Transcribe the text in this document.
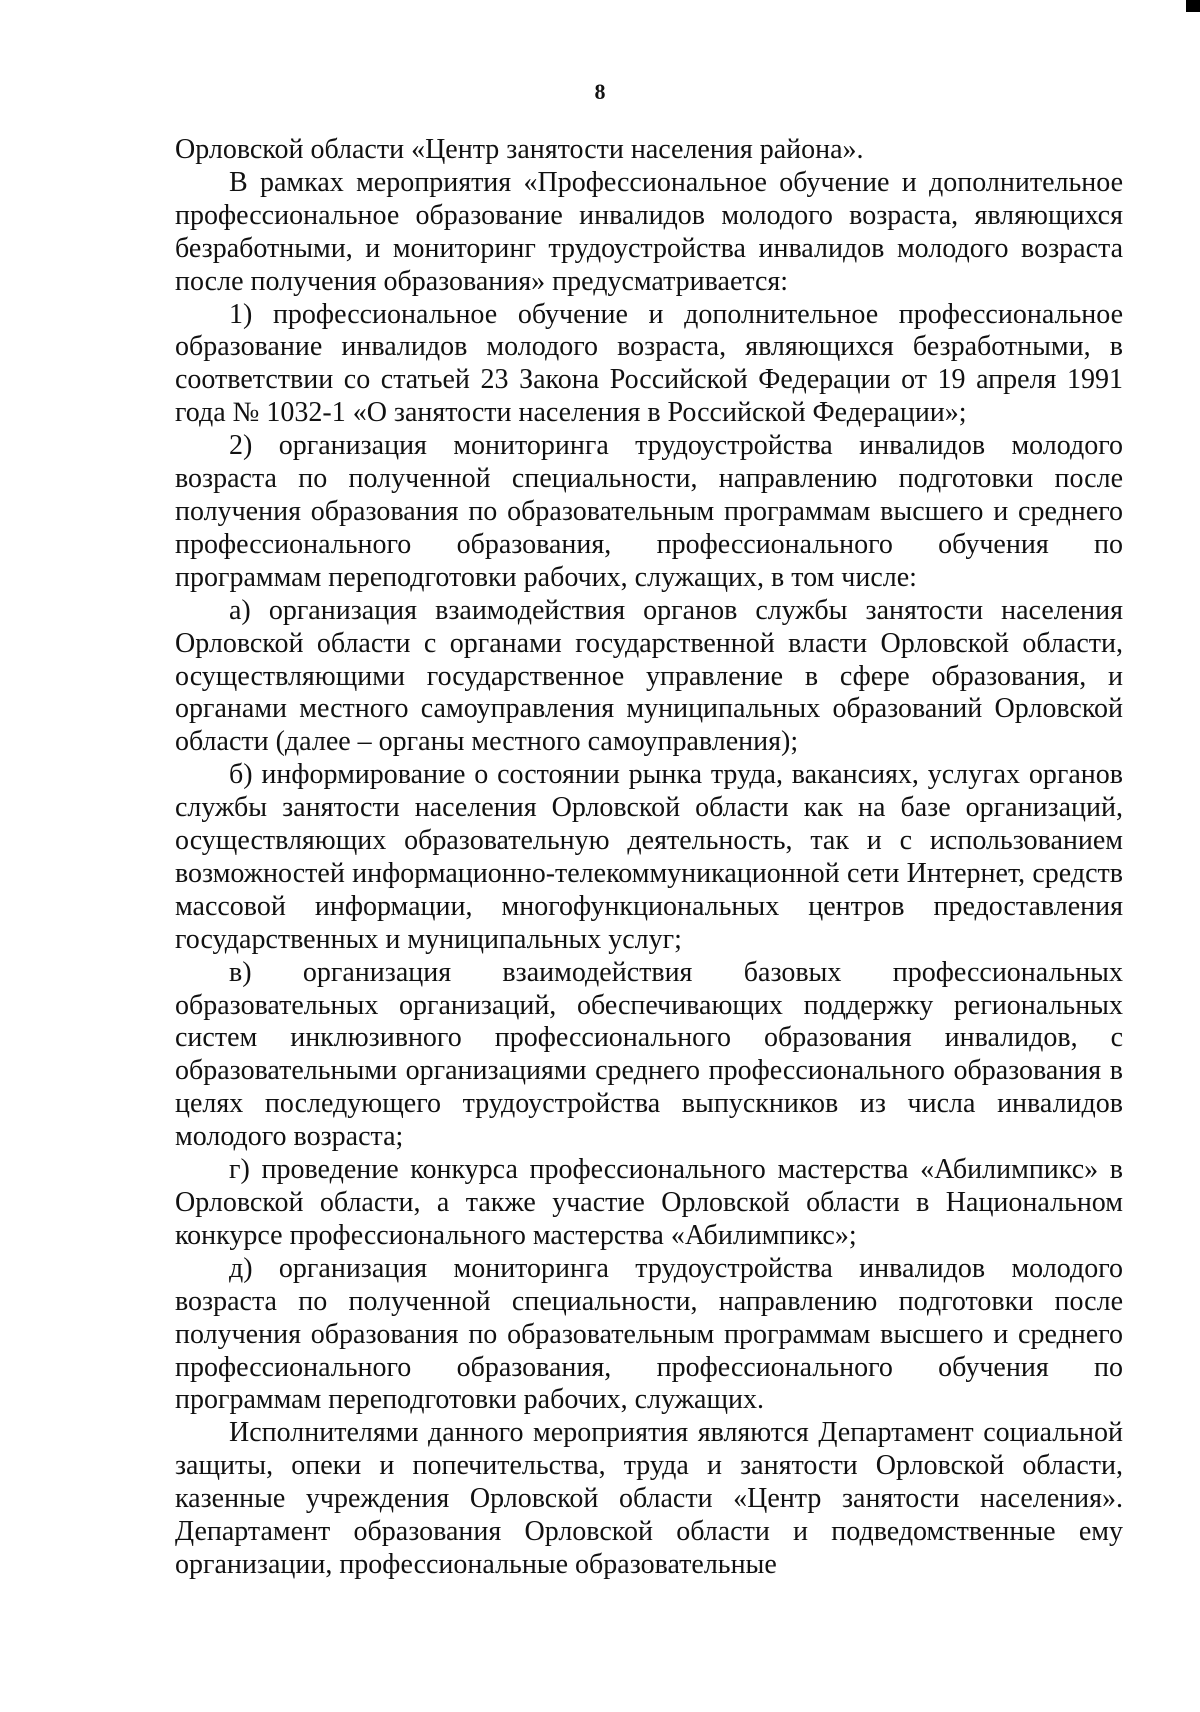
8

Орловской области «Центр занятости населения района».

В рамках мероприятия «Профессиональное обучение и дополнительное профессиональное образование инвалидов молодого возраста, являющихся безработными, и мониторинг трудоустройства инвалидов молодого возраста после получения образования» предусматривается:

1) профессиональное обучение и дополнительное профессиональное образование инвалидов молодого возраста, являющихся безработными, в соответствии со статьей 23 Закона Российской Федерации от 19 апреля 1991 года № 1032-1 «О занятости населения в Российской Федерации»;

2) организация мониторинга трудоустройства инвалидов молодого возраста по полученной специальности, направлению подготовки после получения образования по образовательным программам высшего и среднего профессионального образования, профессионального обучения по программам переподготовки рабочих, служащих, в том числе:

а) организация взаимодействия органов службы занятости населения Орловской области с органами государственной власти Орловской области, осуществляющими государственное управление в сфере образования, и органами местного самоуправления муниципальных образований Орловской области (далее – органы местного самоуправления);

б) информирование о состоянии рынка труда, вакансиях, услугах органов службы занятости населения Орловской области как на базе организаций, осуществляющих образовательную деятельность, так и с использованием возможностей информационно-телекоммуникационной сети Интернет, средств массовой информации, многофункциональных центров предоставления государственных и муниципальных услуг;

в) организация взаимодействия базовых профессиональных образовательных организаций, обеспечивающих поддержку региональных систем инклюзивного профессионального образования инвалидов, с образовательными организациями среднего профессионального образования в целях последующего трудоустройства выпускников из числа инвалидов молодого возраста;

г) проведение конкурса профессионального мастерства «Абилимпикс» в Орловской области, а также участие Орловской области в Национальном конкурсе профессионального мастерства «Абилимпикс»;

д) организация мониторинга трудоустройства инвалидов молодого возраста по полученной специальности, направлению подготовки после получения образования по образовательным программам высшего и среднего профессионального образования, профессионального обучения по программам переподготовки рабочих, служащих.

Исполнителями данного мероприятия являются Департамент социальной защиты, опеки и попечительства, труда и занятости Орловской области, казенные учреждения Орловской области «Центр занятости населения». Департамент образования Орловской области и подведомственные ему организации, профессиональные образовательные
